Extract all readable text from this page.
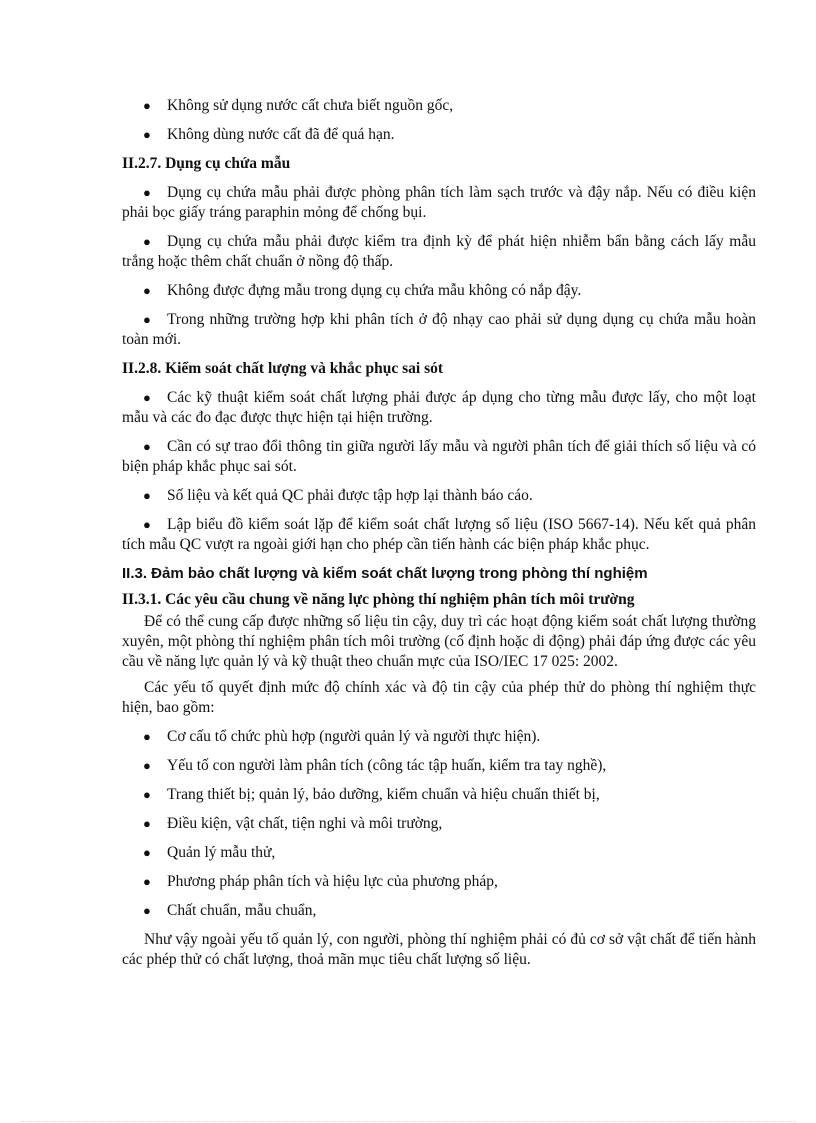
● Không sử dụng nước cất chưa biết nguồn gốc,
● Không dùng nước cất đã để quá hạn.
II.2.7. Dụng cụ chứa mẫu
● Dụng cụ chứa mẫu phải được phòng phân tích làm sạch trước và đậy nắp. Nếu có điều kiện phải bọc giấy tráng paraphin mỏng để chống bụi.
● Dụng cụ chứa mẫu phải được kiểm tra định kỳ để phát hiện nhiễm bẩn bằng cách lấy mẫu trắng hoặc thêm chất chuẩn ở nồng độ thấp.
● Không được đựng mẫu trong dụng cụ chứa mẫu không có nắp đậy.
● Trong những trường hợp khi phân tích ở độ nhạy cao phải sử dụng dụng cụ chứa mẫu hoàn toàn mới.
II.2.8. Kiểm soát chất lượng và khắc phục sai sót
● Các kỹ thuật kiểm soát chất lượng phải được áp dụng cho từng mẫu được lấy, cho một loạt mẫu và các đo đạc được thực hiện tại hiện trường.
● Cần có sự trao đổi thông tin giữa người lấy mẫu và người phân tích để giải thích số liệu và có biện pháp khắc phục sai sót.
● Số liệu và kết quả QC phải được tập hợp lại thành báo cáo.
● Lập biểu đồ kiểm soát lặp để kiểm soát chất lượng số liệu (ISO 5667-14). Nếu kết quả phân tích mẫu QC vượt ra ngoài giới hạn cho phép cần tiến hành các biện pháp khắc phục.
II.3. Đảm bảo chất lượng và kiểm soát chất lượng trong phòng thí nghiệm
II.3.1. Các yêu cầu chung về năng lực phòng thí nghiệm phân tích môi trường
Để có thể cung cấp được những số liệu tin cậy, duy trì các hoạt động kiểm soát chất lượng thường xuyên, một phòng thí nghiệm phân tích môi trường (cố định hoặc di động) phải đáp ứng được các yêu cầu về năng lực quản lý và kỹ thuật theo chuẩn mực của ISO/IEC 17 025: 2002.
Các yếu tố quyết định mức độ chính xác và độ tin cậy của phép thử do phòng thí nghiệm thực hiện, bao gồm:
● Cơ cấu tổ chức phù hợp (người quản lý và người thực hiện).
● Yếu tố con người làm phân tích (công tác tập huấn, kiểm tra tay nghề),
● Trang thiết bị; quản lý, bảo dưỡng, kiểm chuẩn và hiệu chuẩn thiết bị,
● Điều kiện, vật chất, tiện nghi và môi trường,
● Quản lý mẫu thử,
● Phương pháp phân tích và hiệu lực của phương pháp,
● Chất chuẩn, mẫu chuẩn,
Như vậy ngoài yếu tố quản lý, con người, phòng thí nghiệm phải có đủ cơ sở vật chất để tiến hành các phép thử có chất lượng, thoả mãn mục tiêu chất lượng số liệu.
